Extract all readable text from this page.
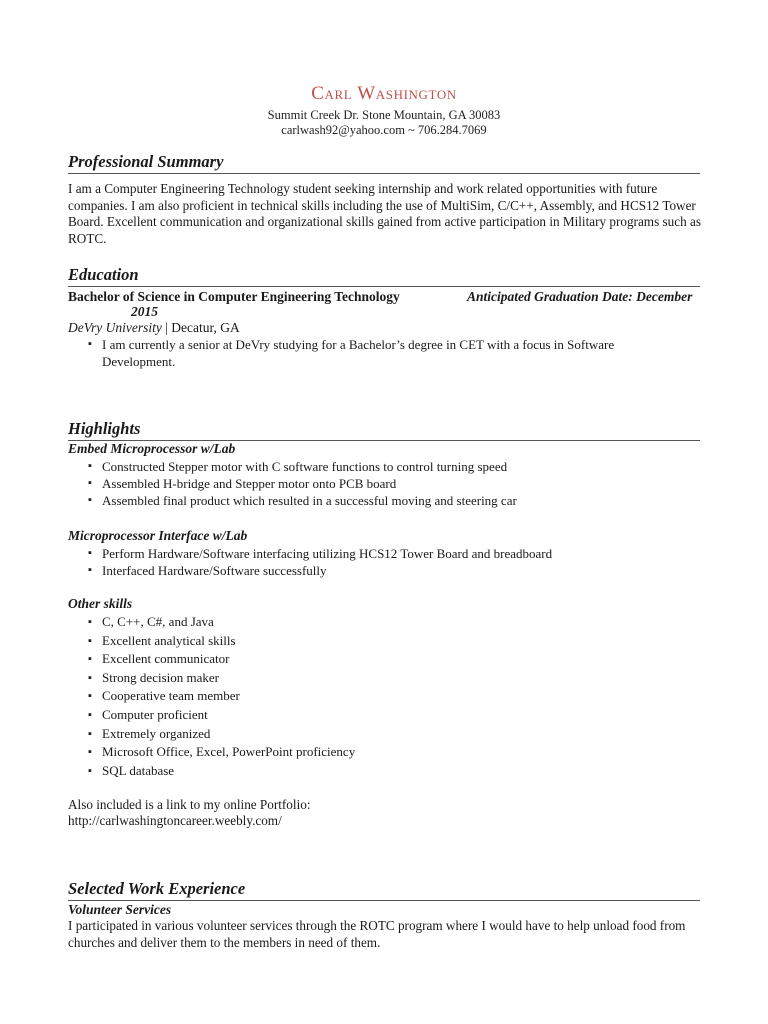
Carl Washington
Summit Creek Dr. Stone Mountain, GA 30083
carlwash92@yahoo.com ~ 706.284.7069
Professional Summary

I am a Computer Engineering Technology student seeking internship and work related opportunities with future companies. I am also proficient in technical skills including the use of MultiSim, C/C++, Assembly, and HCS12 Tower Board. Excellent communication and organizational skills gained from active participation in Military programs such as ROTC.

Education
Bachelor of Science in Computer Engineering Technology	Anticipated Graduation Date: December
2015
DeVry University | Decatur, GA
▪ I am currently a senior at DeVry studying for a Bachelor’s degree in CET with a focus in Software Development.
Highlights
Embed Microprocessor w/Lab
▪ Constructed Stepper motor with C software functions to control turning speed
▪ Assembled H-bridge and Stepper motor onto PCB board
▪ Assembled final product which resulted in a successful moving and steering car
Microprocessor Interface w/Lab
▪ Perform Hardware/Software interfacing utilizing HCS12 Tower Board and breadboard
▪ Interfaced Hardware/Software successfully
Other skills
▪ C, C++, C#, and Java
▪ Excellent analytical skills
▪ Excellent communicator
▪ Strong decision maker
▪ Cooperative team member
▪ Computer proficient
▪ Extremely organized
▪ Microsoft Office, Excel, PowerPoint proficiency
▪ SQL database
Also included is a link to my online Portfolio:
http://carlwashingtoncareer.weebly.com/
Selected Work Experience
Volunteer Services

I participated in various volunteer services through the ROTC program where I would have to help unload food from churches and deliver them to the members in need of them.
